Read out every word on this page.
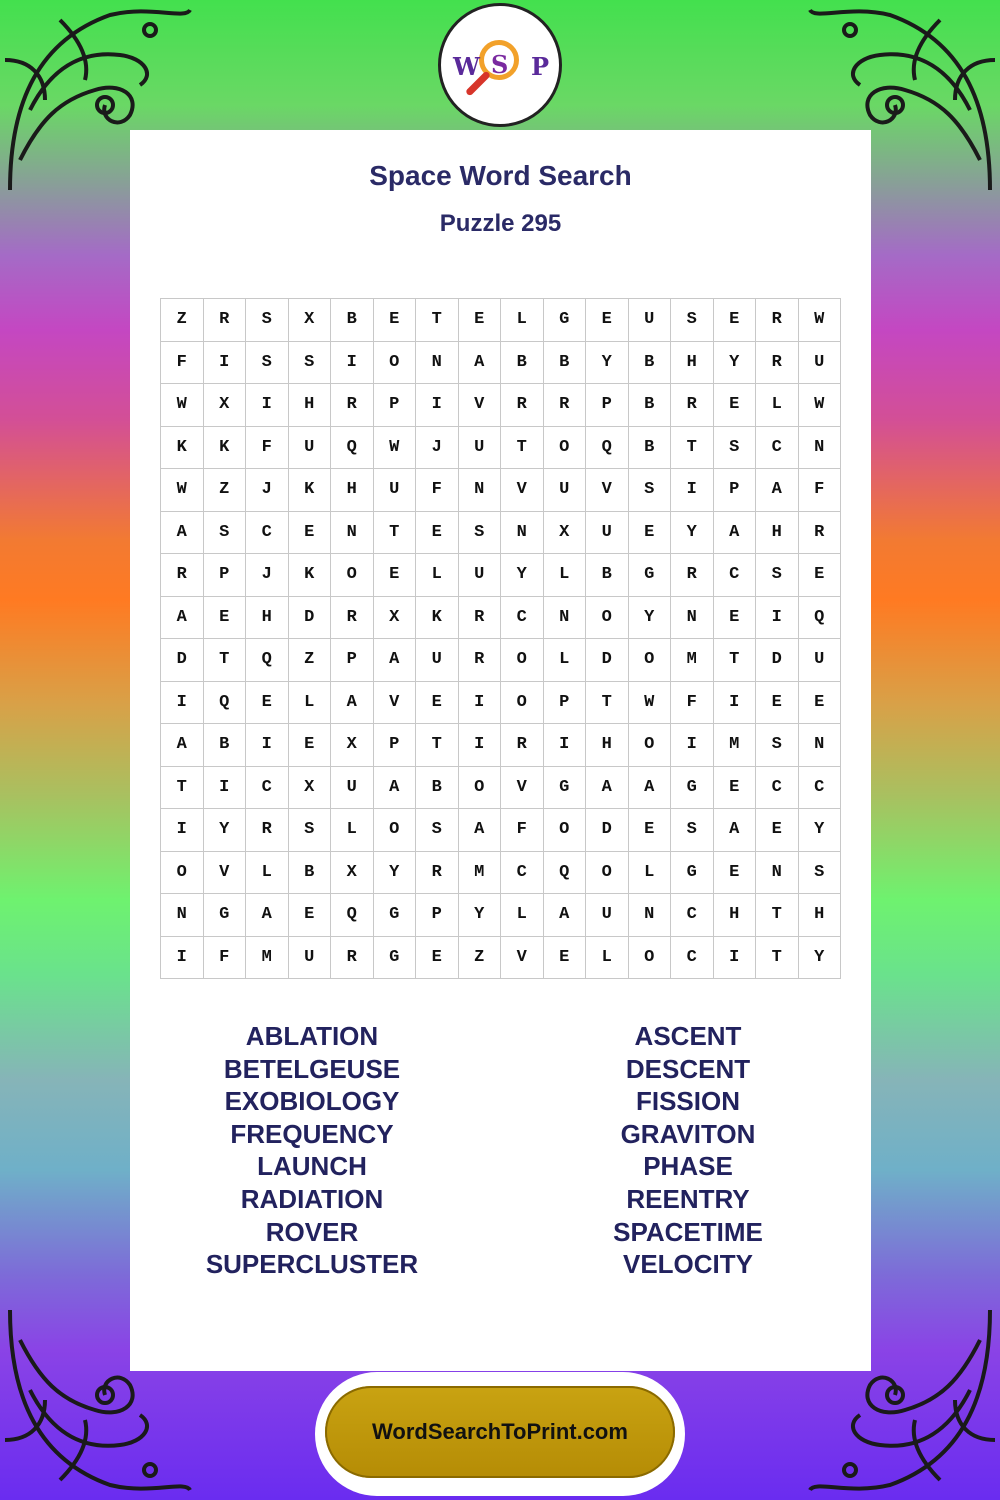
W S P
Space Word Search
Puzzle 295
Z	R	S	X	B	E	T	E	L	G	E	U	S	E	R	W
F	I	S	S	I	O	N	A	B	B	Y	B	H	Y	R	U
W	X	I	H	R	P	I	V	R	R	P	B	R	E	L	W
K	K	F	U	Q	W	J	U	T	O	Q	B	T	S	C	N
W	Z	J	K	H	U	F	N	V	U	V	S	I	P	A	F
A	S	C	E	N	T	E	S	N	X	U	E	Y	A	H	R
R	P	J	K	O	E	L	U	Y	L	B	G	R	C	S	E
A	E	H	D	R	X	K	R	C	N	O	Y	N	E	I	Q
D	T	Q	Z	P	A	U	R	O	L	D	O	M	T	D	U
I	Q	E	L	A	V	E	I	O	P	T	W	F	I	E	E
A	B	I	E	X	P	T	I	R	I	H	O	I	M	S	N
T	I	C	X	U	A	B	O	V	G	A	A	G	E	C	C
I	Y	R	S	L	O	S	A	F	O	D	E	S	A	E	Y
O	V	L	B	X	Y	R	M	C	Q	O	L	G	E	N	S
N	G	A	E	Q	G	P	Y	L	A	U	N	C	H	T	H
I	F	M	U	R	G	E	Z	V	E	L	O	C	I	T	Y
ABLATION
BETELGEUSE
EXOBIOLOGY
FREQUENCY
LAUNCH
RADIATION
ROVER
SUPERCLUSTER
ASCENT
DESCENT
FISSION
GRAVITON
PHASE
REENTRY
SPACETIME
VELOCITY
WordSearchToPrint.com
